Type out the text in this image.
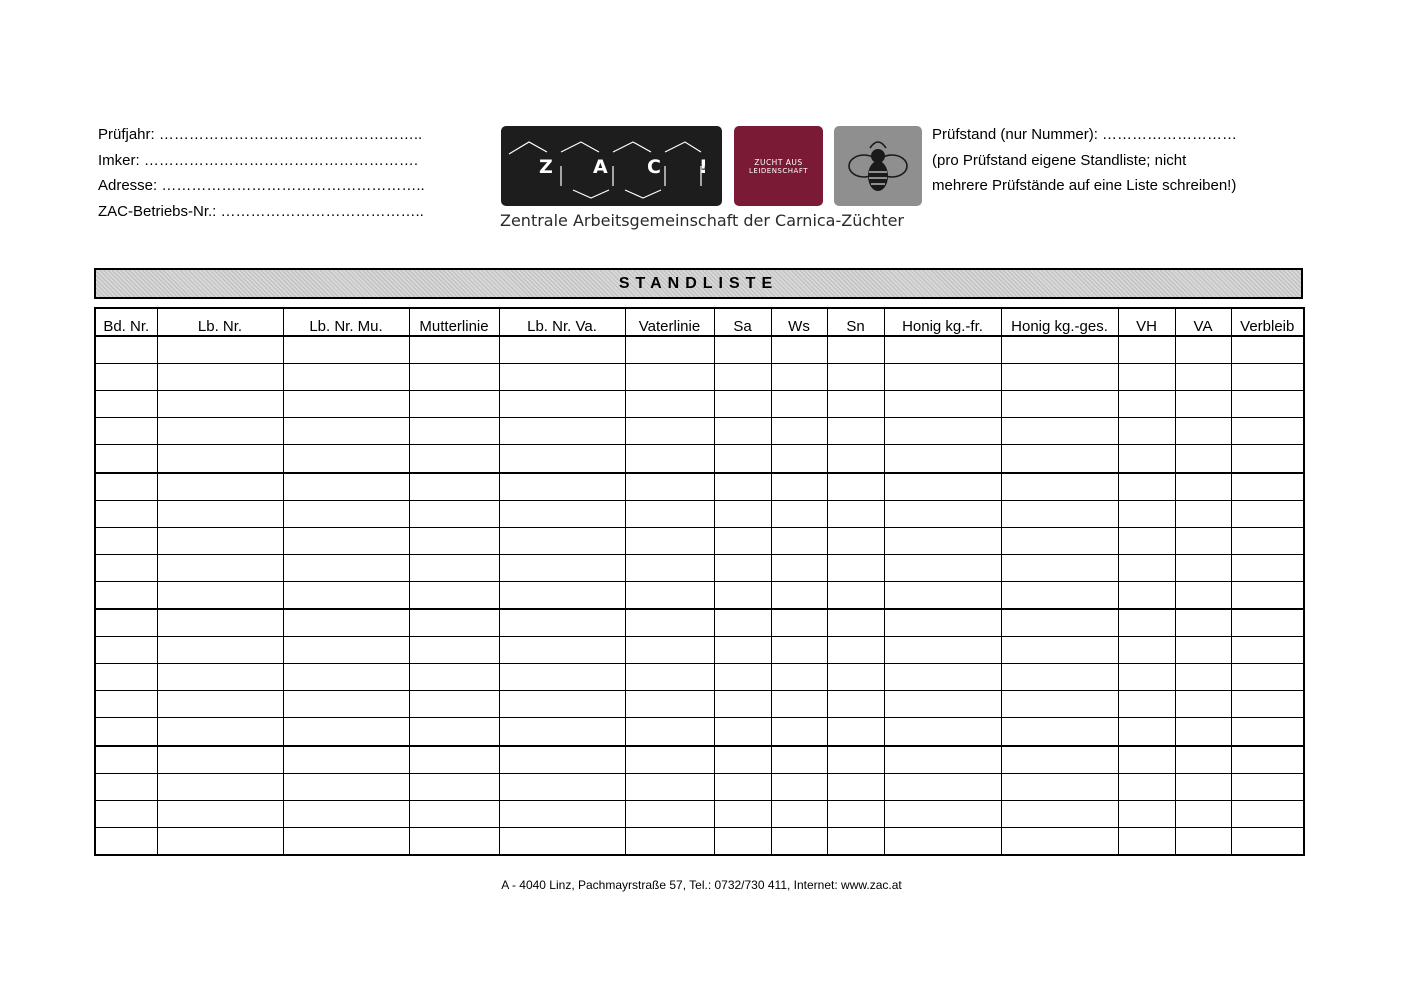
Prüfjahr: ……………………………………………..
Imker: ……………………………………………….
Adresse: ……………………………………………..
ZAC-Betriebs-Nr.: …………………………………..
Z A C !	ZUCHT AUS
LEIDENSCHAFT
Zentrale Arbeitsgemeinschaft der Carnica-Züchter
Prüfstand (nur Nummer): ………………………
(pro Prüfstand eigene Standliste; nicht
mehrere Prüfstände auf eine Liste schreiben!)
STANDLISTE
Bd. Nr.	Lb. Nr.	Lb. Nr. Mu.	Mutterlinie	Lb. Nr. Va.	Vaterlinie	Sa	Ws	Sn	Honig kg.-fr.	Honig kg.-ges.	VH	VA	Verbleib

A - 4040 Linz, Pachmayrstraße 57, Tel.: 0732/730 411, Internet: www.zac.at
